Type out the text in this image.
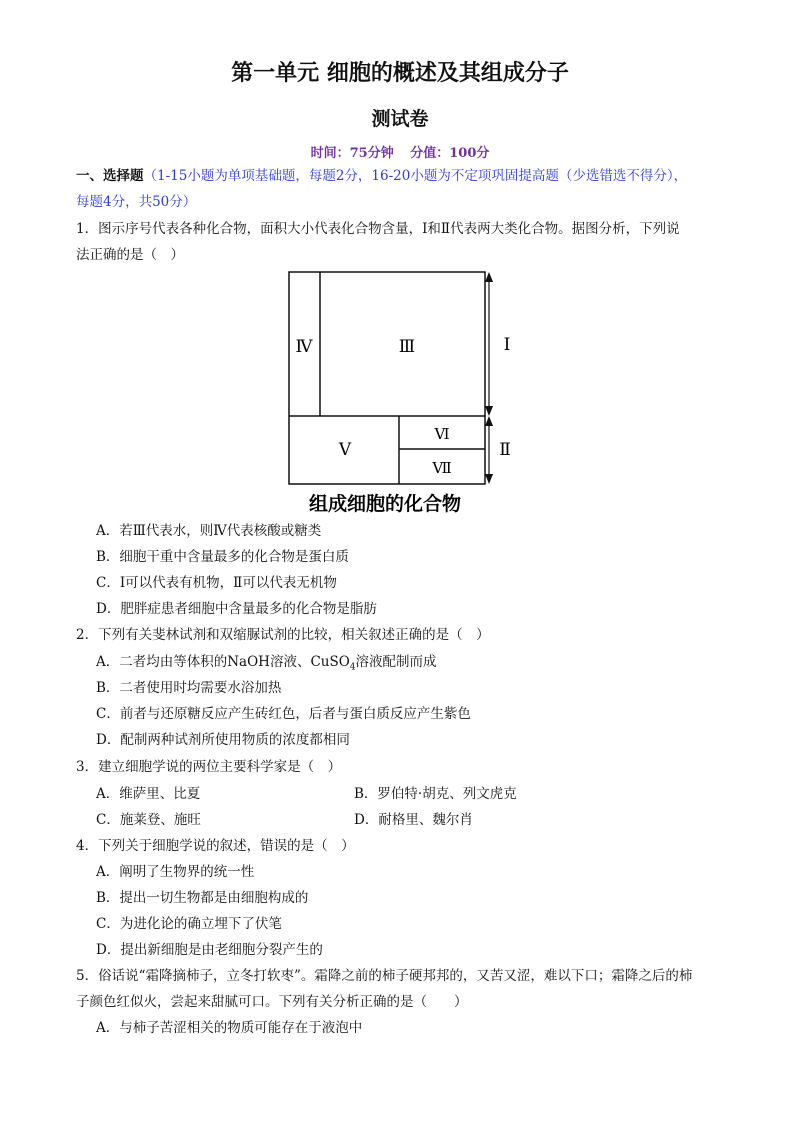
第一单元 细胞的概述及其组成分子
测试卷
时间：75分钟 分值：100分
一、选择题（1-15小题为单项基础题，每题2分，16-20小题为不定项巩固提高题（少选错选不得分），
每题4分，共50分）
1．图示序号代表各种化合物，面积大小代表化合物含量，Ⅰ和Ⅱ代表两大类化合物。据图分析，下列说
法正确的是（　）
Ⅳ	Ⅲ	Ⅰ
Ⅴ
Ⅵ
Ⅶ
Ⅱ
组成细胞的化合物
A．若Ⅲ代表水，则Ⅳ代表核酸或糖类
B．细胞干重中含量最多的化合物是蛋白质
C．Ⅰ可以代表有机物，Ⅱ可以代表无机物
D．肥胖症患者细胞中含量最多的化合物是脂肪
2．下列有关斐林试剂和双缩脲试剂的比较，相关叙述正确的是（　）
A．二者均由等体积的NaOH溶液、CuSO$_4$溶液配制而成
B．二者使用时均需要水浴加热
C．前者与还原糖反应产生砖红色，后者与蛋白质反应产生紫色
D．配制两种试剂所使用物质的浓度都相同
3．建立细胞学说的两位主要科学家是（　）
A．维萨里、比夏	B．罗伯特·胡克、列文虎克
C．施莱登、施旺	D．耐格里、魏尔肖
4．下列关于细胞学说的叙述，错误的是（　）
A．阐明了生物界的统一性
B．提出一切生物都是由细胞构成的
C．为进化论的确立埋下了伏笔
D．提出新细胞是由老细胞分裂产生的
5．俗话说“霜降摘柿子，立冬打软枣”。霜降之前的柿子硬邦邦的，又苦又涩，难以下口；霜降之后的柿
子颜色红似火，尝起来甜腻可口。下列有关分析正确的是（　　）
A．与柿子苦涩相关的物质可能存在于液泡中
